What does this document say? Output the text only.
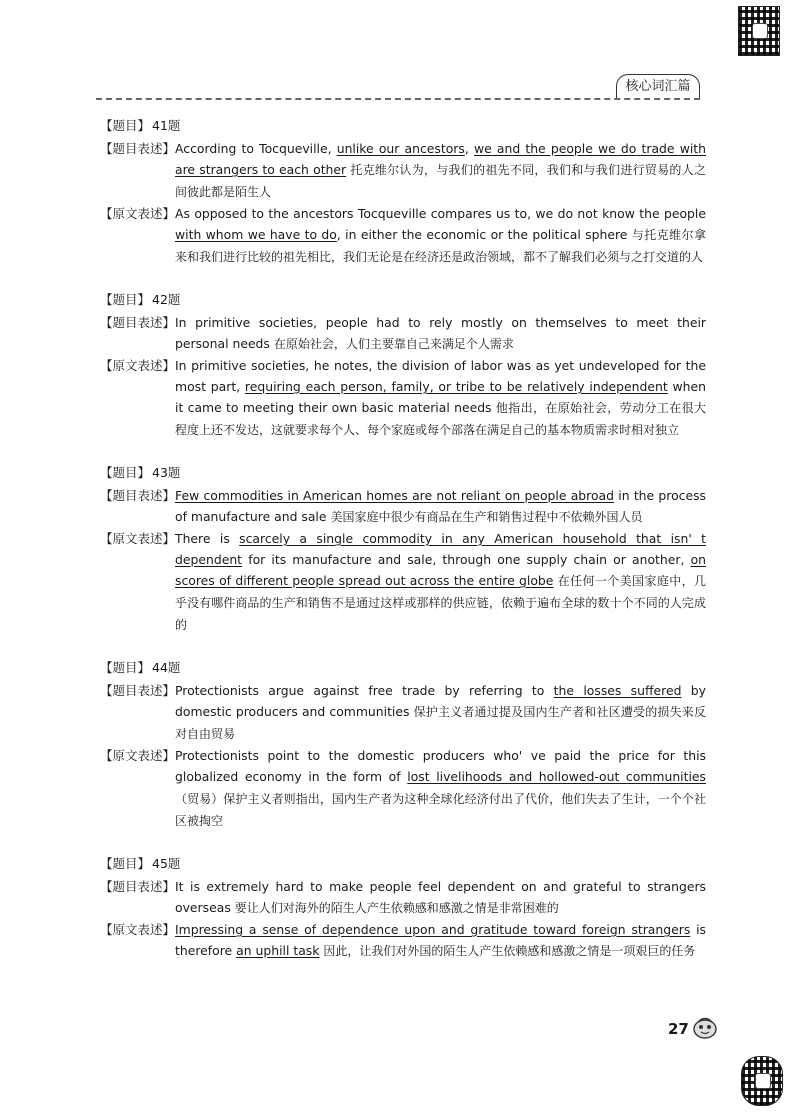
核心词汇篇
【题目】 41题
【题目表述】 According to Tocqueville, unlike our ancestors, we and the people we do trade with are strangers to each other 托克维尔认为，与我们的祖先不同，我们和与我们进行贸易的人之间彼此都是陌生人
【原文表述】 As opposed to the ancestors Tocqueville compares us to, we do not know the people with whom we have to do, in either the economic or the political sphere 与托克维尔拿来和我们进行比较的祖先相比，我们无论是在经济还是政治领域，都不了解我们必须与之打交道的人
【题目】 42题
【题目表述】 In primitive societies, people had to rely mostly on themselves to meet their personal needs 在原始社会，人们主要靠自己来满足个人需求
【原文表述】 In primitive societies, he notes, the division of labor was as yet undeveloped for the most part, requiring each person, family, or tribe to be relatively independent when it came to meeting their own basic material needs 他指出，在原始社会，劳动分工在很大程度上还不发达，这就要求每个人、每个家庭或每个部落在满足自己的基本物质需求时相对独立
【题目】 43题
【题目表述】 Few commodities in American homes are not reliant on people abroad in the process of manufacture and sale 美国家庭中很少有商品在生产和销售过程中不依赖外国人员
【原文表述】 There is scarcely a single commodity in any American household that isn' t dependent for its manufacture and sale, through one supply chain or another, on scores of different people spread out across the entire globe 在任何一个美国家庭中，几乎没有哪件商品的生产和销售不是通过这样或那样的供应链，依赖于遍布全球的数十个不同的人完成的
【题目】 44题
【题目表述】 Protectionists argue against free trade by referring to the losses suffered by domestic producers and communities 保护主义者通过提及国内生产者和社区遭受的损失来反对自由贸易
【原文表述】 Protectionists point to the domestic producers who' ve paid the price for this globalized economy in the form of lost livelihoods and hollowed-out communities （贸易）保护主义者则指出，国内生产者为这种全球化经济付出了代价，他们失去了生计，一个个社区被掏空
【题目】 45题
【题目表述】 It is extremely hard to make people feel dependent on and grateful to strangers overseas 要让人们对海外的陌生人产生依赖感和感激之情是非常困难的
【原文表述】 Impressing a sense of dependence upon and gratitude toward foreign strangers is therefore an uphill task 因此，让我们对外国的陌生人产生依赖感和感激之情是一项艰巨的任务
27
